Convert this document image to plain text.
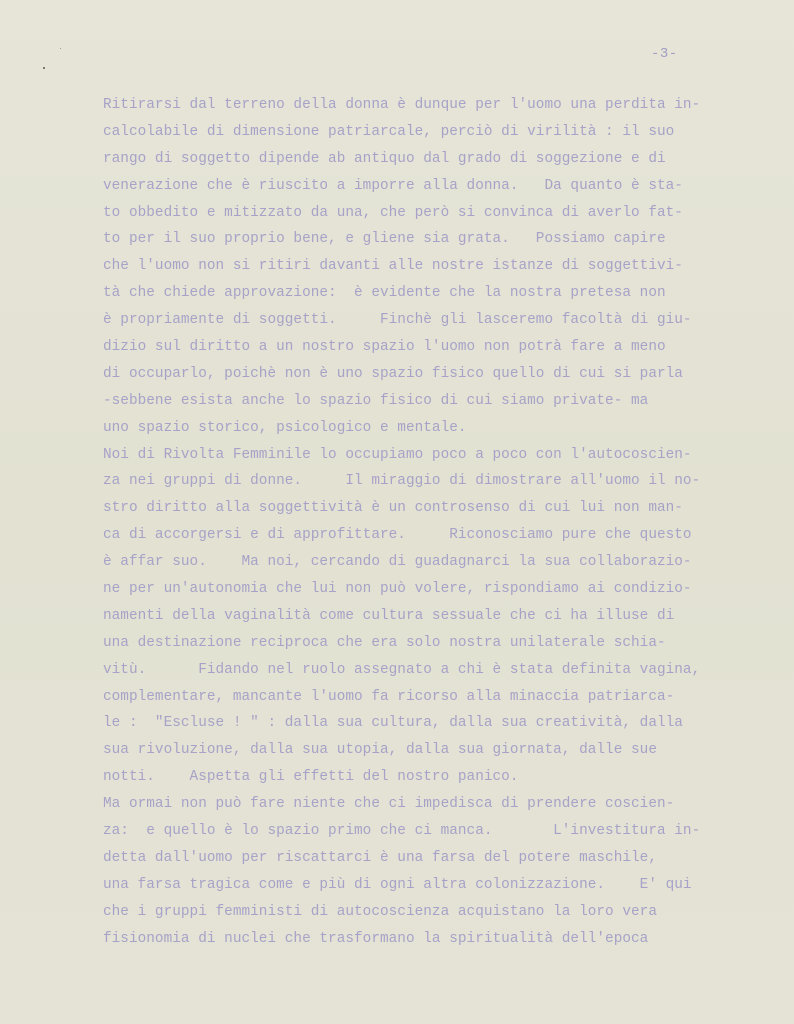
-3-
Ritirarsi dal terreno della donna è dunque per l'uomo una perdita in-
calcolabile di dimensione patriarcale, perciò di virilità : il suo
rango di soggetto dipende ab antiquo dal grado di soggezione e di
venerazione che è riuscito a imporre alla donna.   Da quanto è sta-
to obbedito e mitizzato da una, che però si convinca di averlo fat-
to per il suo proprio bene, e gliene sia grata.   Possiamo capire
che l'uomo non si ritiri davanti alle nostre istanze di soggettivi-
tà che chiede approvazione:  è evidente che la nostra pretesa non
è propriamente di soggetti.     Finchè gli lasceremo facoltà di giu-
dizio sul diritto a un nostro spazio l'uomo non potrà fare a meno
di occuparlo, poichè non è uno spazio fisico quello di cui si parla
-sebbene esista anche lo spazio fisico di cui siamo private- ma
uno spazio storico, psicologico e mentale.
Noi di Rivolta Femminile lo occupiamo poco a poco con l'autocoscien-
za nei gruppi di donne.     Il miraggio di dimostrare all'uomo il no-
stro diritto alla soggettività è un controsenso di cui lui non man-
ca di accorgersi e di approfittare.     Riconosciamo pure che questo
è affar suo.    Ma noi, cercando di guadagnarci la sua collaborazio-
ne per un'autonomia che lui non può volere, rispondiamo ai condizio-
namenti della vaginalità come cultura sessuale che ci ha illuse di
una destinazione reciproca che era solo nostra unilaterale schia-
vitù.      Fidando nel ruolo assegnato a chi è stata definita vagina,
complementare, mancante l'uomo fa ricorso alla minaccia patriarca-
le :  "Escluse ! " : dalla sua cultura, dalla sua creatività, dalla
sua rivoluzione, dalla sua utopia, dalla sua giornata, dalle sue
notti.    Aspetta gli effetti del nostro panico.
Ma ormai non può fare niente che ci impedisca di prendere coscien-
za:  e quello è lo spazio primo che ci manca.       L'investitura in-
detta dall'uomo per riscattarci è una farsa del potere maschile,
una farsa tragica come e più di ogni altra colonizzazione.    E' qui
che i gruppi femministi di autocoscienza acquistano la loro vera
fisionomia di nuclei che trasformano la spiritualità dell'epoca
